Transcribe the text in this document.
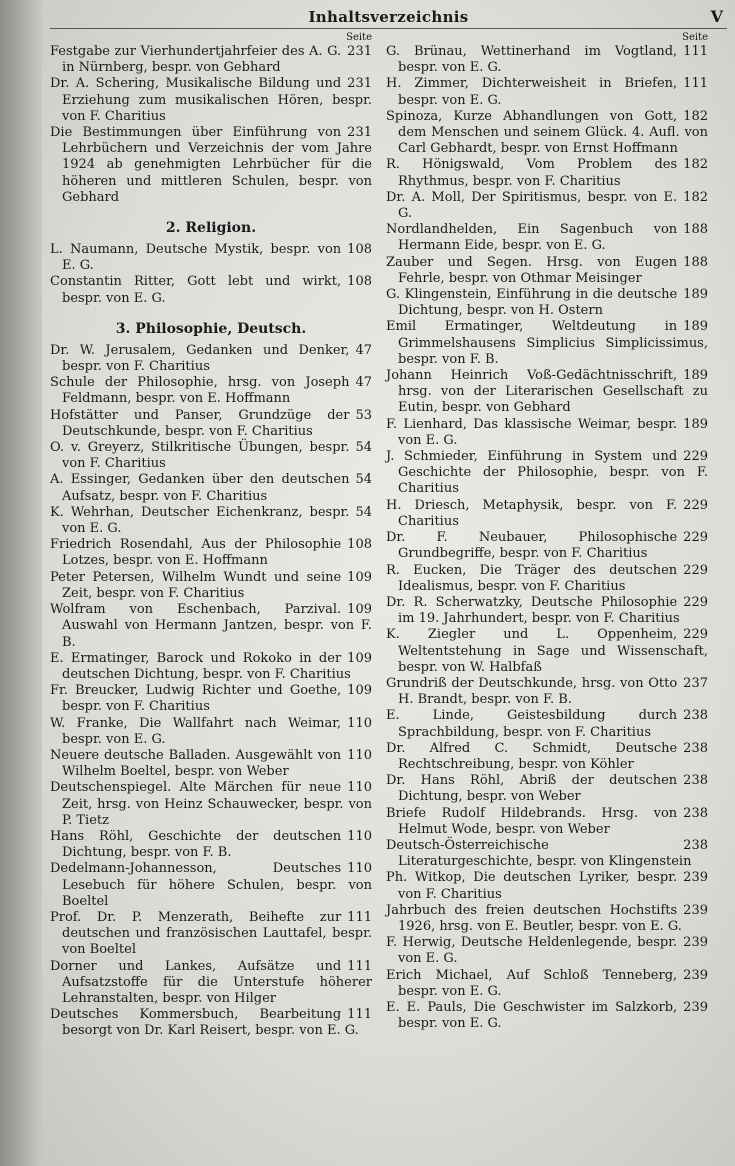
Inhaltsverzeichnis	V
Seite

231
Festgabe zur Vierhundertjahrfeier des A. G. in Nürnberg, bespr. von Gebhard

231
Dr. A. Schering, Musikalische Bildung und Erziehung zum musikalischen Hören, bespr. von F. Charitius

231
Die Bestimmungen über Einführung von Lehrbüchern und Verzeichnis der vom Jahre 1924 ab genehmigten Lehrbücher für die höheren und mittleren Schulen, bespr. von Gebhard

2. Religion.

108
L. Naumann, Deutsche Mystik, bespr. von E. G.

108
Constantin Ritter, Gott lebt und wirkt, bespr. von E. G.

3. Philosophie, Deutsch.

47
Dr. W. Jerusalem, Gedanken und Denker, bespr. von F. Charitius

47
Schule der Philosophie, hrsg. von Joseph Feldmann, bespr. von E. Hoffmann

53
Hofstätter und Panser, Grundzüge der Deutschkunde, bespr. von F. Charitius

54
O. v. Greyerz, Stilkritische Übungen, bespr. von F. Charitius

54
A. Essinger, Gedanken über den deutschen Aufsatz, bespr. von F. Charitius

54
K. Wehrhan, Deutscher Eichenkranz, bespr. von E. G.

108
Friedrich Rosendahl, Aus der Philosophie Lotzes, bespr. von E. Hoffmann

109
Peter Petersen, Wilhelm Wundt und seine Zeit, bespr. von F. Charitius

109
Wolfram von Eschenbach, Parzival. Auswahl von Hermann Jantzen, bespr. von F. B.

109
E. Ermatinger, Barock und Rokoko in der deutschen Dichtung, bespr. von F. Charitius

109
Fr. Breucker, Ludwig Richter und Goethe, bespr. von F. Charitius

110
W. Franke, Die Wallfahrt nach Weimar, bespr. von E. G.

110
Neuere deutsche Balladen. Ausgewählt von Wilhelm Boeltel, bespr. von Weber

110
Deutschenspiegel. Alte Märchen für neue Zeit, hrsg. von Heinz Schauwecker, bespr. von P. Tietz

110
Hans Röhl, Geschichte der deutschen Dichtung, bespr. von F. B.

110
Dedelmann-Johannesson, Deutsches Lesebuch für höhere Schulen, bespr. von Boeltel

111
Prof. Dr. P. Menzerath, Beihefte zur deutschen und französischen Lauttafel, bespr. von Boeltel

111
Dorner und Lankes, Aufsätze und Aufsatzstoffe für die Unterstufe höherer Lehranstalten, bespr. von Hilger

111
Deutsches Kommersbuch, Bearbeitung besorgt von Dr. Karl Reisert, bespr. von E. G.

Seite

111
G. Brünau, Wettinerhand im Vogtland, bespr. von E. G.

111
H. Zimmer, Dichterweisheit in Briefen, bespr. von E. G.

182
Spinoza, Kurze Abhandlungen von Gott, dem Menschen und seinem Glück. 4. Aufl. von Carl Gebhardt, bespr. von Ernst Hoffmann

182
R. Hönigswald, Vom Problem des Rhythmus, bespr. von F. Charitius

182
Dr. A. Moll, Der Spiritismus, bespr. von E. G.

188
Nordlandhelden, Ein Sagenbuch von Hermann Eide, bespr. von E. G.

188
Zauber und Segen. Hrsg. von Eugen Fehrle, bespr. von Othmar Meisinger

189
G. Klingenstein, Einführung in die deutsche Dichtung, bespr. von H. Ostern

189
Emil Ermatinger, Weltdeutung in Grimmelshausens Simplicius Simplicissimus, bespr. von F. B.

189
Johann Heinrich Voß-Gedächtnisschrift, hrsg. von der Literarischen Gesellschaft zu Eutin, bespr. von Gebhard

189
F. Lienhard, Das klassische Weimar, bespr. von E. G.

229
J. Schmieder, Einführung in System und Geschichte der Philosophie, bespr. von F. Charitius

229
H. Driesch, Metaphysik, bespr. von F. Charitius

229
Dr. F. Neubauer, Philosophische Grundbegriffe, bespr. von F. Charitius

229
R. Eucken, Die Träger des deutschen Idealismus, bespr. von F. Charitius

229
Dr. R. Scherwatzky, Deutsche Philosophie im 19. Jahrhundert, bespr. von F. Charitius

229
K. Ziegler und L. Oppenheim, Weltentstehung in Sage und Wissenschaft, bespr. von W. Halbfaß

237
Grundriß der Deutschkunde, hrsg. von Otto H. Brandt, bespr. von F. B.

238
E. Linde, Geistesbildung durch Sprachbildung, bespr. von F. Charitius

238
Dr. Alfred C. Schmidt, Deutsche Rechtschreibung, bespr. von Köhler

238
Dr. Hans Röhl, Abriß der deutschen Dichtung, bespr. von Weber

238
Briefe Rudolf Hildebrands. Hrsg. von Helmut Wode, bespr. von Weber

238
Deutsch-Österreichische Literaturgeschichte, bespr. von Klingenstein

239
Ph. Witkop, Die deutschen Lyriker, bespr. von F. Charitius

239
Jahrbuch des freien deutschen Hochstifts 1926, hrsg. von E. Beutler, bespr. von E. G.

239
F. Herwig, Deutsche Heldenlegende, bespr. von E. G.

239
Erich Michael, Auf Schloß Tenneberg, bespr. von E. G.

239
E. E. Pauls, Die Geschwister im Salzkorb, bespr. von E. G.
